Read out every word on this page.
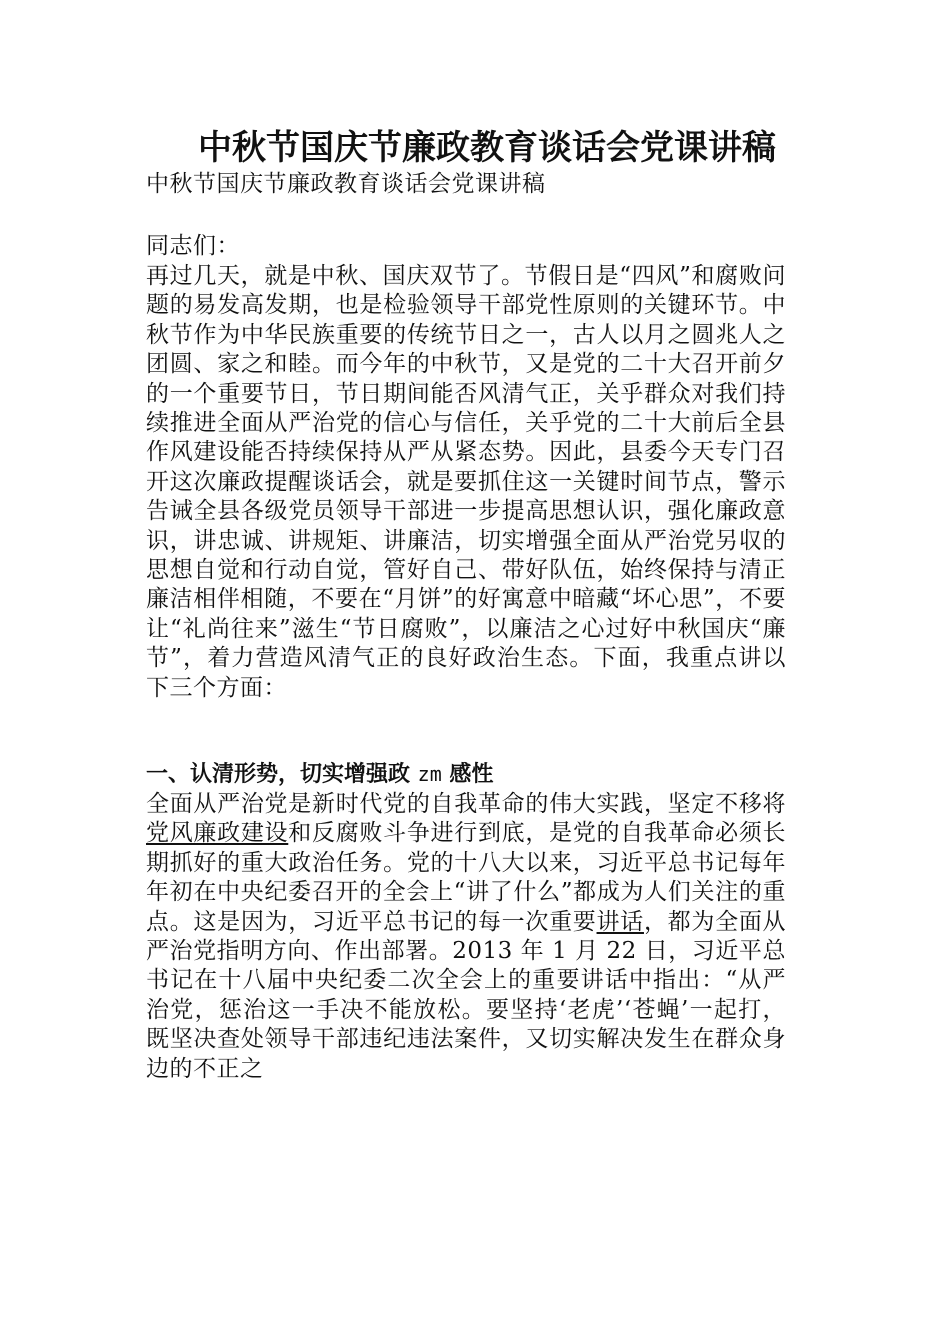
中秋节国庆节廉政教育谈话会党课讲稿
中秋节国庆节廉政教育谈话会党课讲稿
同志们：
再过几天，就是中秋、国庆双节了。节假日是“四风”和腐败问题的易发高发期，也是检验领导干部党性原则的关键环节。中秋节作为中华民族重要的传统节日之一，古人以月之圆兆人之团圆、家之和睦。而今年的中秋节，又是党的二十大召开前夕的一个重要节日，节日期间能否风清气正，关乎群众对我们持续推进全面从严治党的信心与信任，关乎党的二十大前后全县作风建设能否持续保持从严从紧态势。因此，县委今天专门召开这次廉政提醒谈话会，就是要抓住这一关键时间节点，警示告诫全县各级党员领导干部进一步提高思想认识，强化廉政意识，讲忠诚、讲规矩、讲廉洁，切实增强全面从严治党另収的思想自觉和行动自觉，管好自己、带好队伍，始终保持与清正廉洁相伴相随，不要在“月饼”的好寓意中暗藏“坏心思”，不要让“礼尚往来”滋生“节日腐败”，以廉洁之心过好中秋国庆“廉节”，着力营造风清气正的良好政治生态。下面，我重点讲以下三个方面：
一、认清形势，切实增强政 zm 感性
全面从严治党是新时代党的自我革命的伟大实践，坚定不移将党风廉政建设和反腐败斗争进行到底，是党的自我革命必须长期抓好的重大政治任务。党的十八大以来，习近平总书记每年年初在中央纪委召开的全会上“讲了什么”都成为人们关注的重点。这是因为，习近平总书记的每一次重要讲话，都为全面从严治党指明方向、作出部署。2013 年 1 月 22 日，习近平总书记在十八届中央纪委二次全会上的重要讲话中指出：“从严治党，惩治这一手决不能放松。要坚持‘老虎’‘苍蝇’一起打，既坚决查处领导干部违纪违法案件，又切实解决发生在群众身边的不正之
